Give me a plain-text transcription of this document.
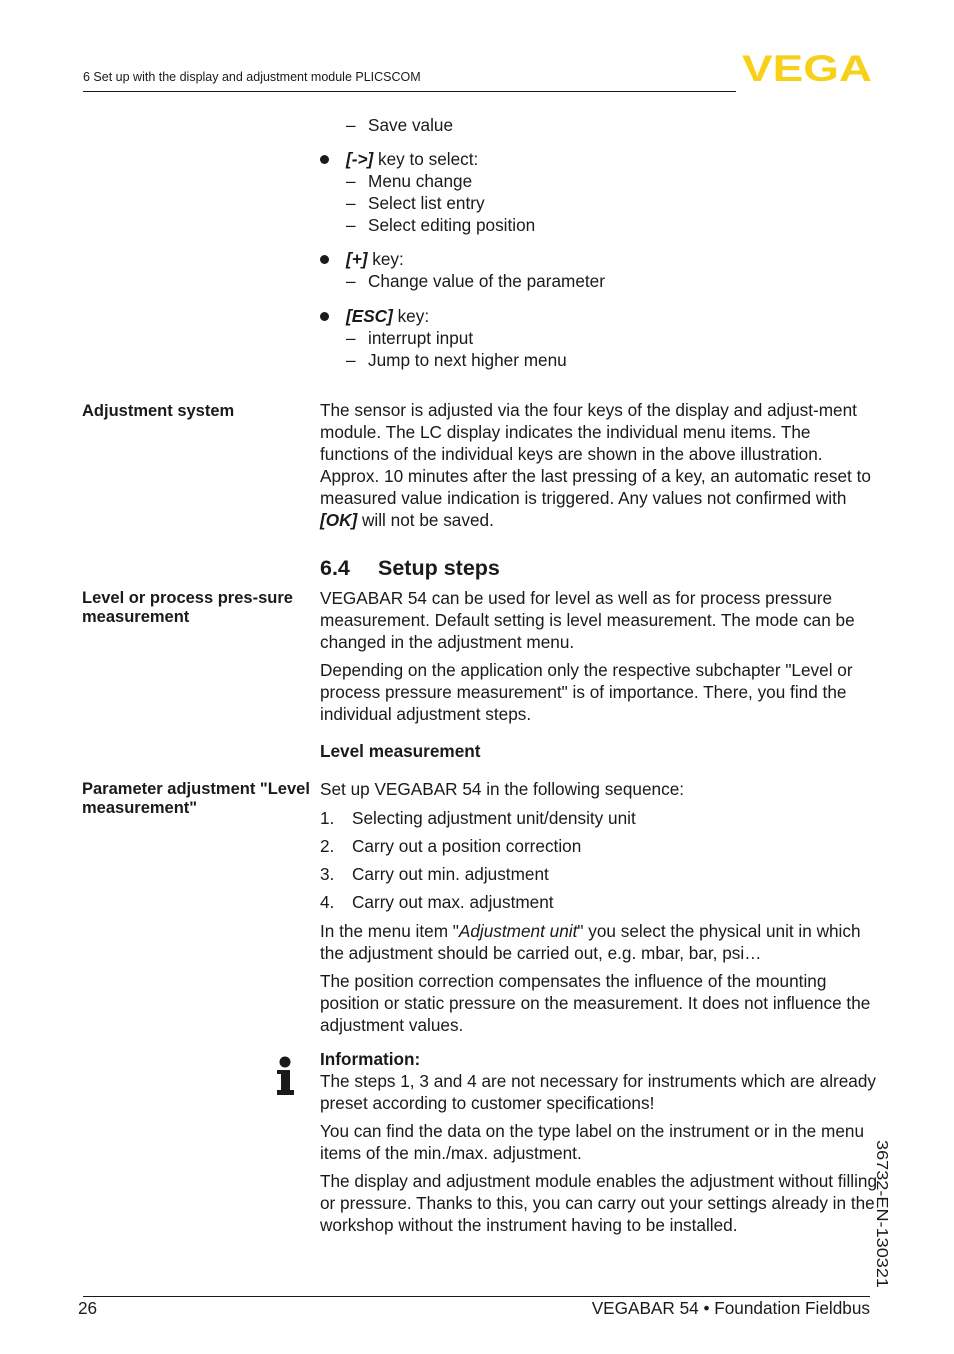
6 Set up with the display and adjustment module PLICSCOM	VEGA
– Save value
[->] key to select:
– Menu change
– Select list entry
– Select editing position
[+] key:
– Change value of the parameter
[ESC] key:
– interrupt input
– Jump to next higher menu
Adjustment system	The sensor is adjusted via the four keys of the display and adjust-ment module. The LC display indicates the individual menu items. The functions of the individual keys are shown in the above illustration. Approx. 10 minutes after the last pressing of a key, an automatic reset to measured value indication is triggered. Any values not confirmed with [OK] will not be saved.

6.4 Setup steps
Level or process pres-sure measurement

VEGABAR 54 can be used for level as well as for process pressure measurement. Default setting is level measurement. The mode can be changed in the adjustment menu.

Depending on the application only the respective subchapter "Level or process pressure measurement" is of importance. There, you find the individual adjustment steps.

Level measurement
Parameter adjustment "Level measurement"

Set up VEGABAR 54 in the following sequence:

1. Selecting adjustment unit/density unit
2. Carry out a position correction
3. Carry out min. adjustment
4. Carry out max. adjustment

In the menu item "Adjustment unit" you select the physical unit in which the adjustment should be carried out, e.g. mbar, bar, psi…

The position correction compensates the influence of the mounting position or static pressure on the measurement. It does not influence the adjustment values.

Information:

The steps 1, 3 and 4 are not necessary for instruments which are already preset according to customer specifications!

You can find the data on the type label on the instrument or in the menu items of the min./max. adjustment.

The display and adjustment module enables the adjustment without filling or pressure. Thanks to this, you can carry out your settings already in the workshop without the instrument having to be installed.	36732-EN-130321
26	VEGABAR 54 • Foundation Fieldbus
